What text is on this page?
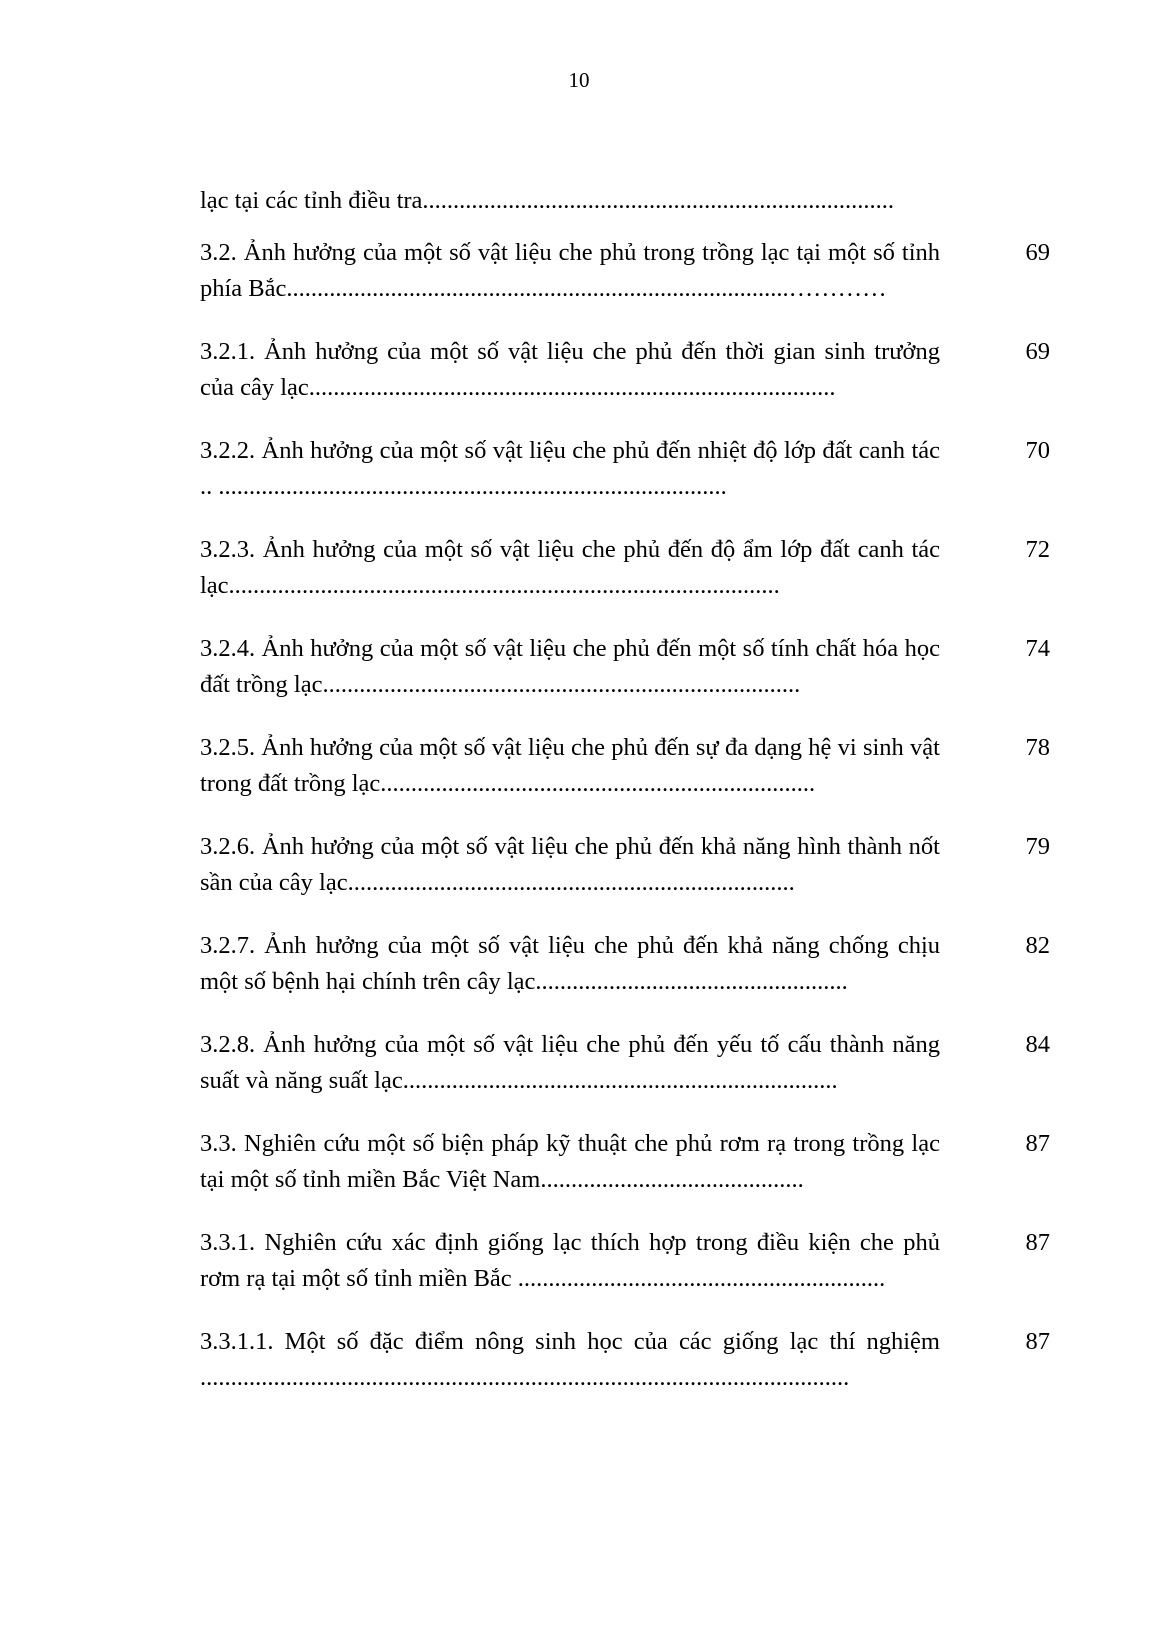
10
lạc tại các tỉnh điều tra.............................................................................
3.2. Ảnh hưởng của một số vật liệu che phủ trong trồng lạc tại một số tỉnh phía Bắc..................................................................................…………
69
3.2.1. Ảnh hưởng của một số vật liệu che phủ đến thời gian sinh trưởng của cây lạc......................................................................................
69
3.2.2. Ảnh hưởng của một số vật liệu che phủ đến nhiệt độ lớp đất canh tác .. ...................................................................................
70
3.2.3. Ảnh hưởng của một số vật liệu che phủ đến độ ẩm lớp đất canh tác lạc..........................................................................................
72
3.2.4. Ảnh hưởng của một số vật liệu che phủ đến một số tính chất hóa học đất trồng lạc..............................................................................
74
3.2.5. Ảnh hưởng của một số vật liệu che phủ đến sự đa dạng hệ vi sinh vật trong đất trồng lạc.......................................................................
78
3.2.6. Ảnh hưởng của một số vật liệu che phủ đến khả năng hình thành nốt sần của cây lạc.........................................................................
79
3.2.7. Ảnh hưởng của một số vật liệu che phủ đến khả năng chống chịu một số bệnh hại chính trên cây lạc...................................................
82
3.2.8. Ảnh hưởng của một số vật liệu che phủ đến yếu tố cấu thành năng suất và năng suất lạc.......................................................................
84
3.3. Nghiên cứu một số biện pháp kỹ thuật che phủ rơm rạ trong trồng lạc tại một số tỉnh miền Bắc Việt Nam...........................................
87
3.3.1. Nghiên cứu xác định giống lạc thích hợp trong điều kiện che phủ rơm rạ tại một số tỉnh miền Bắc ............................................................
87
3.3.1.1. Một số đặc điểm nông sinh học của các giống lạc thí nghiệm ..........................................................................................................
87
